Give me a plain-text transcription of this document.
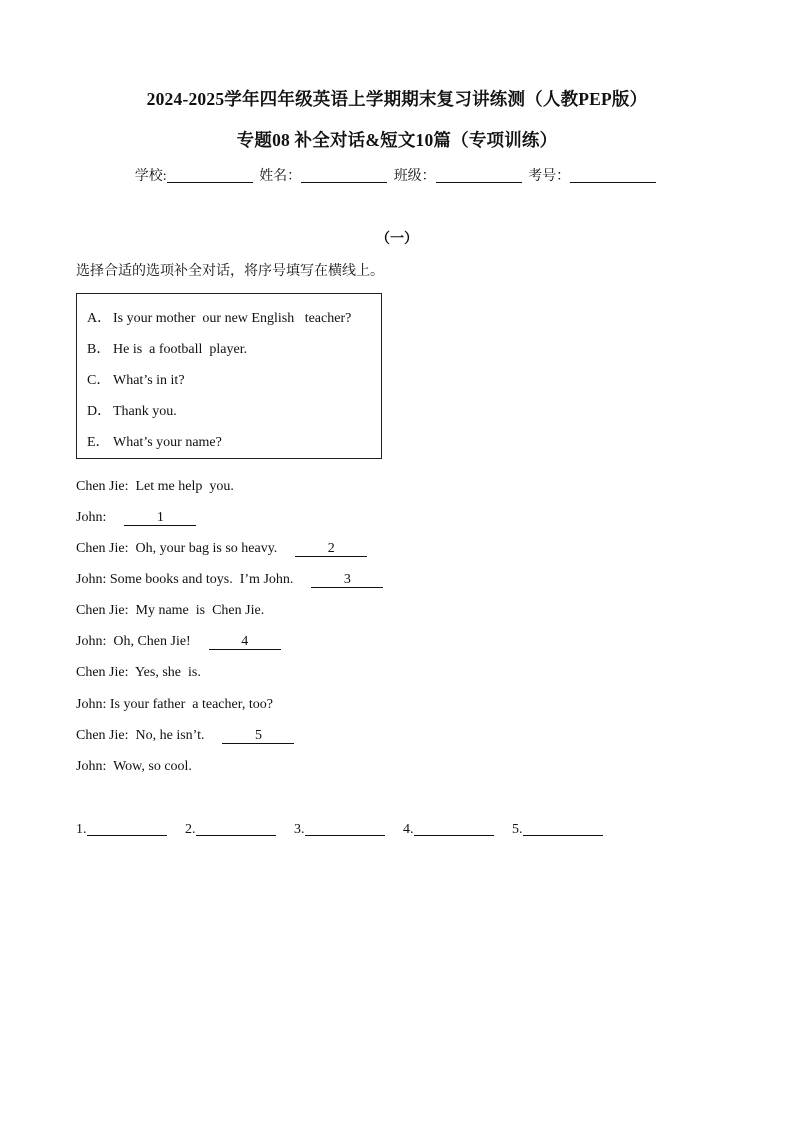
2024-2025学年四年级英语上学期期末复习讲练测（人教PEP版）
专题08 补全对话&短文10篇（专项训练）
学校:	姓名：	班级：	考号：
（一）
选择合适的选项补全对话，将序号填写在横线上。
A． Is your mother  our new English   teacher?
B． He is  a football  player.
C． What’s in it?
D． Thank you.
E． What’s your name?
Chen Jie:  Let me help  you.
John:	1
Chen Jie:  Oh, your bag is so heavy.	2
John: Some books and toys.  I’m John.	3
Chen Jie:  My name  is  Chen Jie.
John:  Oh, Chen Jie!	4
Chen Jie:  Yes, she  is.
John: Is your father  a teacher, too?
Chen Jie:  No, he isn’t.	5
John:  Wow, so cool.
1.	2.	3.	4.	5.
